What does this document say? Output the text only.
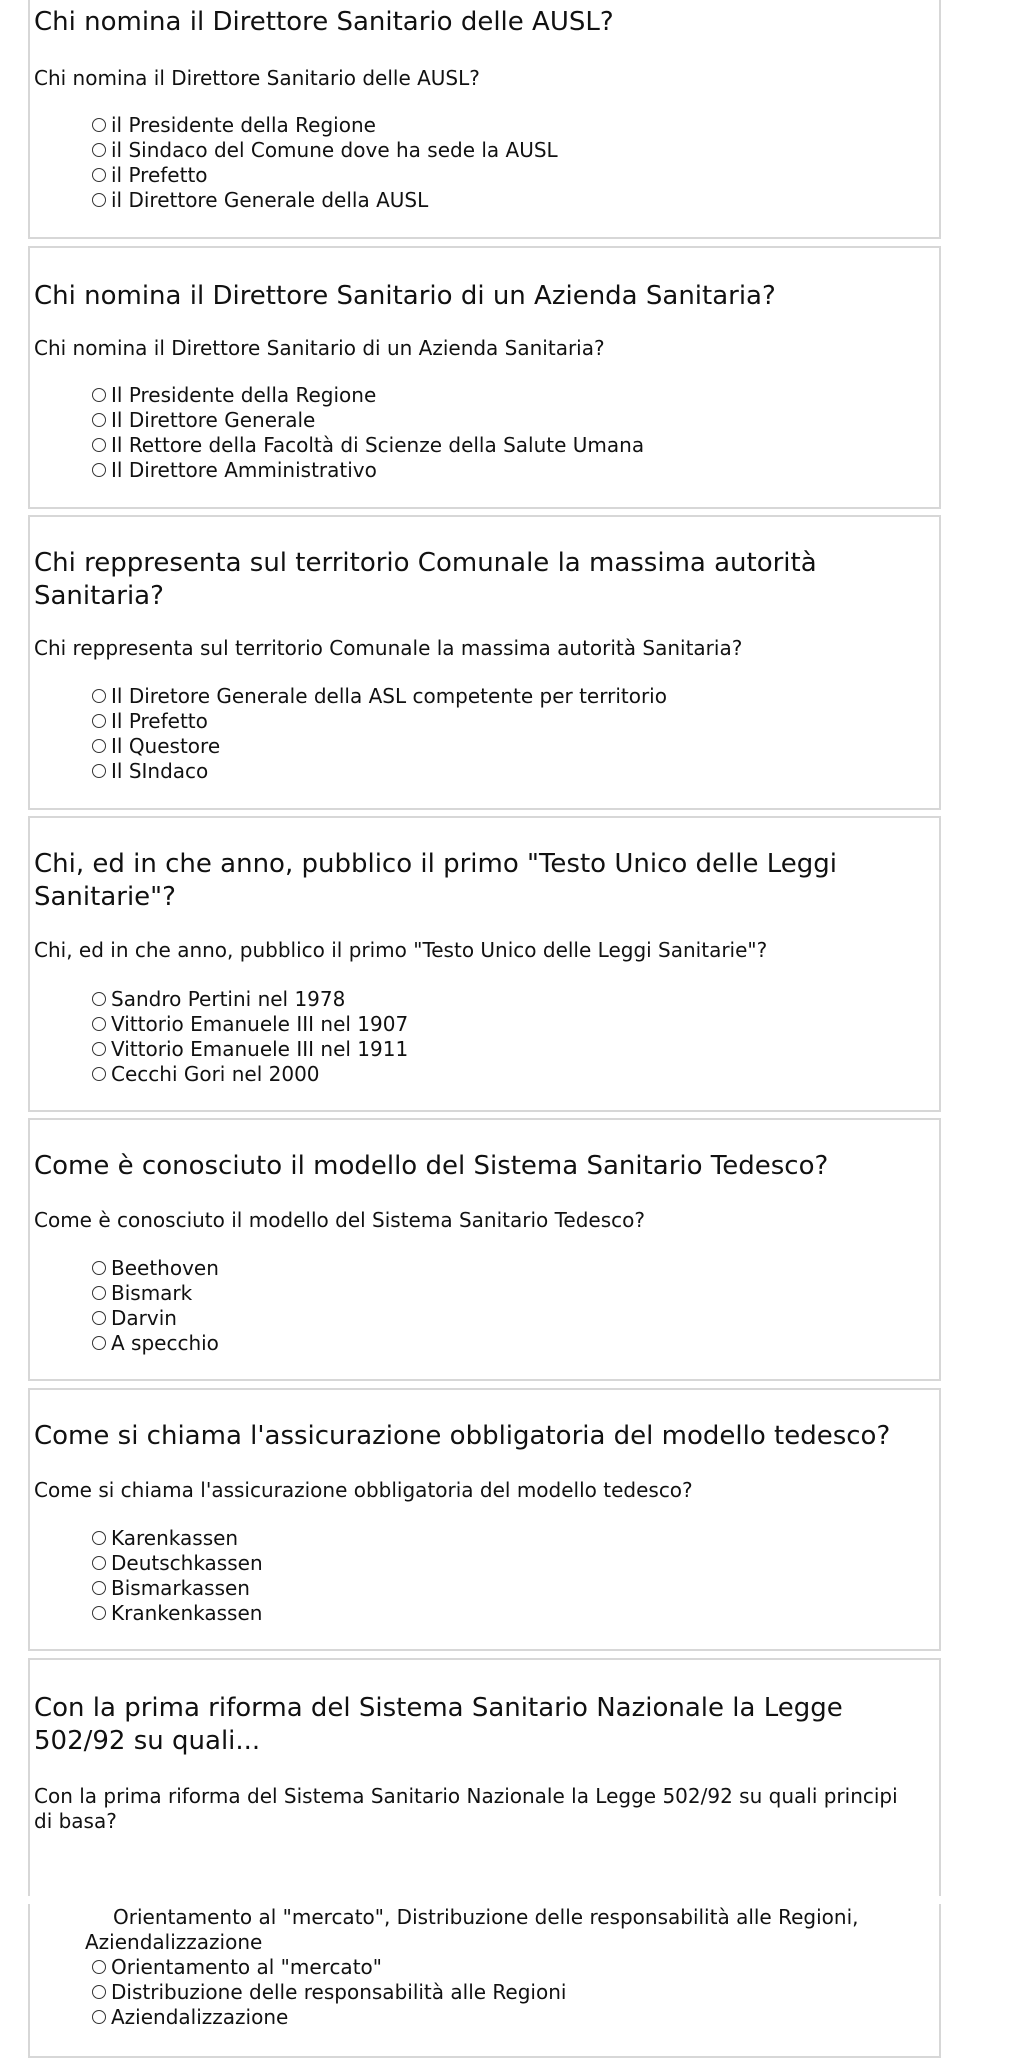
Chi nomina il Direttore Sanitario delle AUSL?

Chi nomina il Direttore Sanitario delle AUSL?

il Presidente della Regione
il Sindaco del Comune dove ha sede la AUSL
il Prefetto
il Direttore Generale della AUSL
Chi nomina il Direttore Sanitario di un Azienda Sanitaria?

Chi nomina il Direttore Sanitario di un Azienda Sanitaria?

Il Presidente della Regione
Il Direttore Generale
Il Rettore della Facoltà di Scienze della Salute Umana
Il Direttore Amministrativo
Chi reppresenta sul territorio Comunale la massima autorità Sanitaria?

Chi reppresenta sul territorio Comunale la massima autorità Sanitaria?

Il Diretore Generale della ASL competente per territorio
Il Prefetto
Il Questore
Il SIndaco
Chi, ed in che anno, pubblico il primo "Testo Unico delle Leggi Sanitarie"?

Chi, ed in che anno, pubblico il primo "Testo Unico delle Leggi Sanitarie"?

Sandro Pertini nel 1978
Vittorio Emanuele III nel 1907
Vittorio Emanuele III nel 1911
Cecchi Gori nel 2000
Come è conosciuto il modello del Sistema Sanitario Tedesco?

Come è conosciuto il modello del Sistema Sanitario Tedesco?

Beethoven
Bismark
Darvin
A specchio
Come si chiama l'assicurazione obbligatoria del modello tedesco?

Come si chiama l'assicurazione obbligatoria del modello tedesco?

Karenkassen
Deutschkassen
Bismarkassen
Krankenkassen
Con la prima riforma del Sistema Sanitario Nazionale la Legge 502/92 su quali...

Con la prima riforma del Sistema Sanitario Nazionale la Legge 502/92 su quali principi di basa?

Orientamento al "mercato", Distribuzione delle responsabilità alle Regioni, Aziendalizzazione

Orientamento al "mercato"
Distribuzione delle responsabilità alle Regioni
Aziendalizzazione
